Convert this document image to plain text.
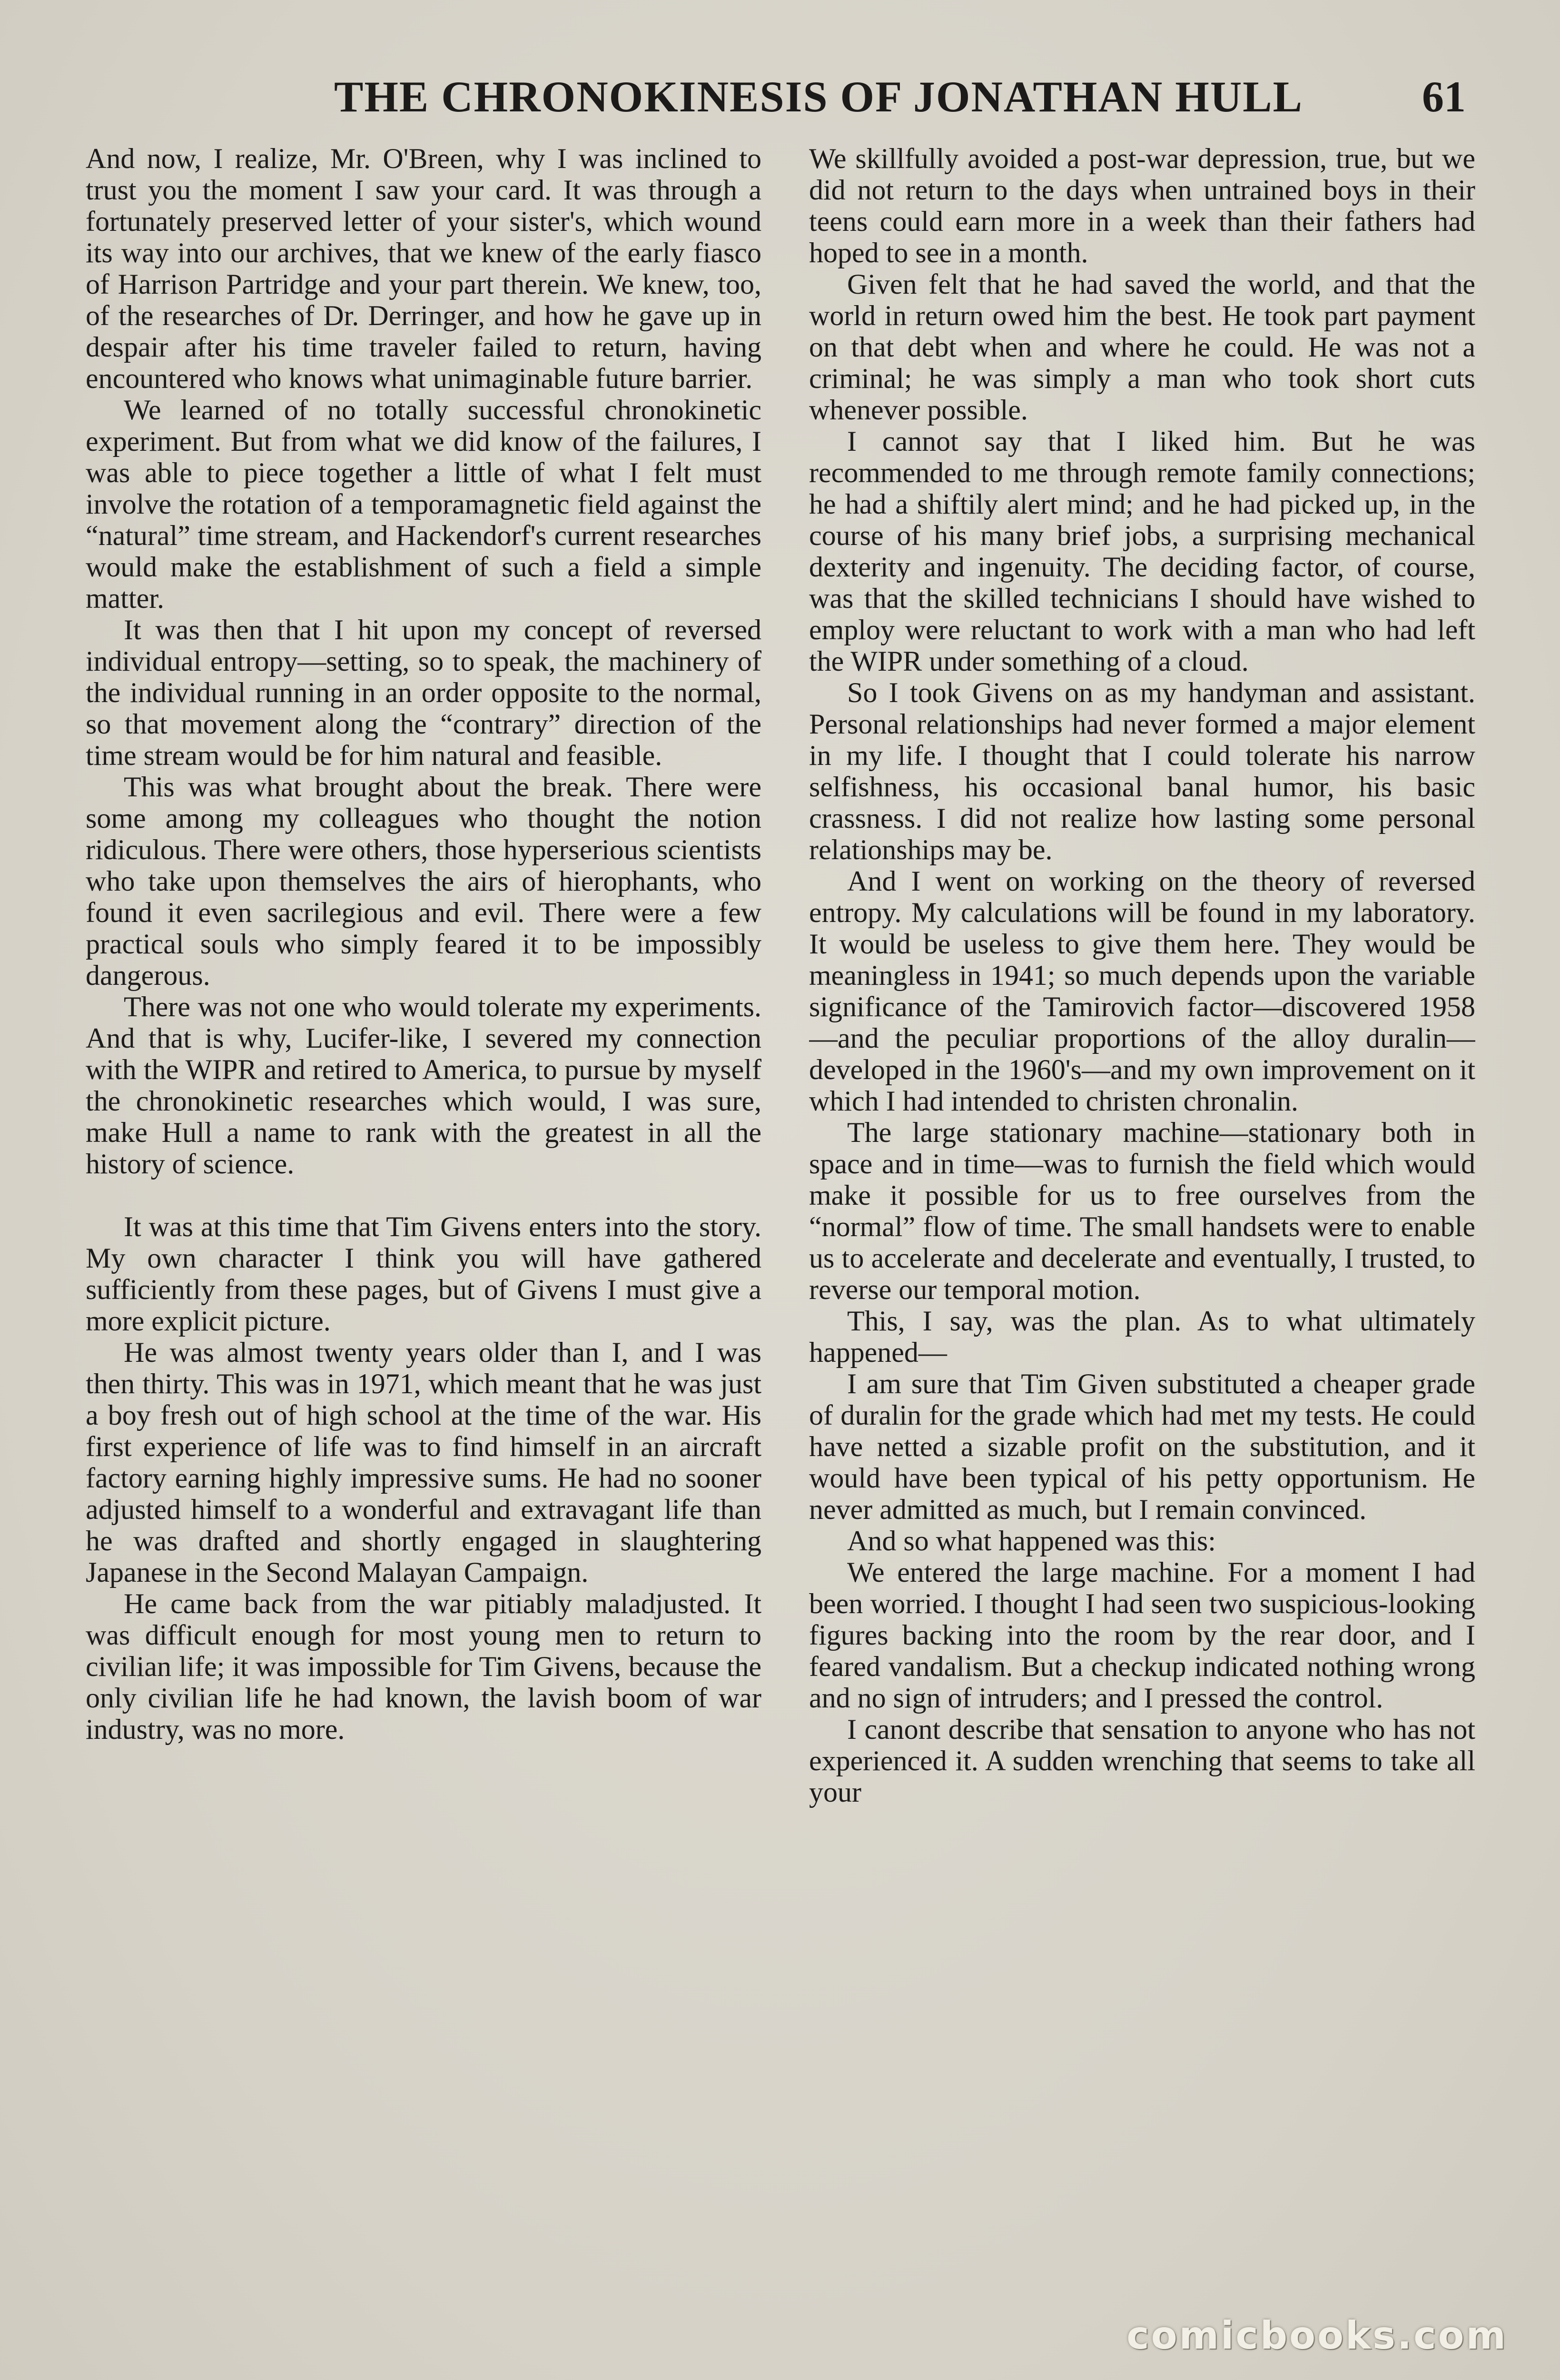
THE CHRONOKINESIS OF JONATHAN HULL	61

And now, I realize, Mr. O'Breen, why I was inclined to trust you the moment I saw your card. It was through a fortunately preserved letter of your sister's, which wound its way into our archives, that we knew of the early fiasco of Harrison Partridge and your part therein. We knew, too, of the researches of Dr. Derringer, and how he gave up in despair after his time traveler failed to return, having encountered who knows what unimaginable future barrier.

We learned of no totally successful chronokinetic experiment. But from what we did know of the failures, I was able to piece together a little of what I felt must involve the rotation of a temporamagnetic field against the “natural” time stream, and Hackendorf's current researches would make the establishment of such a field a simple matter.

It was then that I hit upon my concept of reversed individual entropy—setting, so to speak, the machinery of the individual running in an order opposite to the normal, so that movement along the “contrary” direction of the time stream would be for him natural and feasible.

This was what brought about the break. There were some among my colleagues who thought the notion ridiculous. There were others, those hyperserious scientists who take upon themselves the airs of hierophants, who found it even sacrilegious and evil. There were a few practical souls who simply feared it to be impossibly dangerous.

There was not one who would tolerate my experiments. And that is why, Lucifer-like, I severed my connection with the WIPR and retired to America, to pursue by myself the chronokinetic researches which would, I was sure, make Hull a name to rank with the greatest in all the history of science.

It was at this time that Tim Givens enters into the story. My own character I think you will have gathered sufficiently from these pages, but of Givens I must give a more explicit picture.

He was almost twenty years older than I, and I was then thirty. This was in 1971, which meant that he was just a boy fresh out of high school at the time of the war. His first experience of life was to find himself in an aircraft factory earning highly impressive sums. He had no sooner adjusted himself to a wonderful and extravagant life than he was drafted and shortly engaged in slaughtering Japanese in the Second Malayan Campaign.

He came back from the war pitiably maladjusted. It was difficult enough for most young men to return to civilian life; it was impossible for Tim Givens, because the only civilian life he had known, the lavish boom of war industry, was no more.

We skillfully avoided a post-war depression, true, but we did not return to the days when untrained boys in their teens could earn more in a week than their fathers had hoped to see in a month.

Given felt that he had saved the world, and that the world in return owed him the best. He took part payment on that debt when and where he could. He was not a criminal; he was simply a man who took short cuts whenever possible.

I cannot say that I liked him. But he was recommended to me through remote family connections; he had a shiftily alert mind; and he had picked up, in the course of his many brief jobs, a surprising mechanical dexterity and ingenuity. The deciding factor, of course, was that the skilled technicians I should have wished to employ were reluctant to work with a man who had left the WIPR under something of a cloud.

So I took Givens on as my handyman and assistant. Personal relationships had never formed a major element in my life. I thought that I could tolerate his narrow selfishness, his occasional banal humor, his basic crassness. I did not realize how lasting some personal relationships may be.

And I went on working on the theory of reversed entropy. My calculations will be found in my laboratory. It would be useless to give them here. They would be meaningless in 1941; so much depends upon the variable significance of the Tamirovich factor—discovered 1958—and the peculiar proportions of the alloy duralin—developed in the 1960's—and my own improvement on it which I had intended to christen chronalin.

The large stationary machine—stationary both in space and in time—was to furnish the field which would make it possible for us to free ourselves from the “normal” flow of time. The small handsets were to enable us to accelerate and decelerate and eventually, I trusted, to reverse our temporal motion.

This, I say, was the plan. As to what ultimately happened—

I am sure that Tim Given substituted a cheaper grade of duralin for the grade which had met my tests. He could have netted a sizable profit on the substitution, and it would have been typical of his petty opportunism. He never admitted as much, but I remain convinced.

And so what happened was this:

We entered the large machine. For a moment I had been worried. I thought I had seen two suspicious-looking figures backing into the room by the rear door, and I feared vandalism. But a checkup indicated nothing wrong and no sign of intruders; and I pressed the control.

I canont describe that sensation to anyone who has not experienced it. A sudden wrenching that seems to take all your

comicbooks.com
